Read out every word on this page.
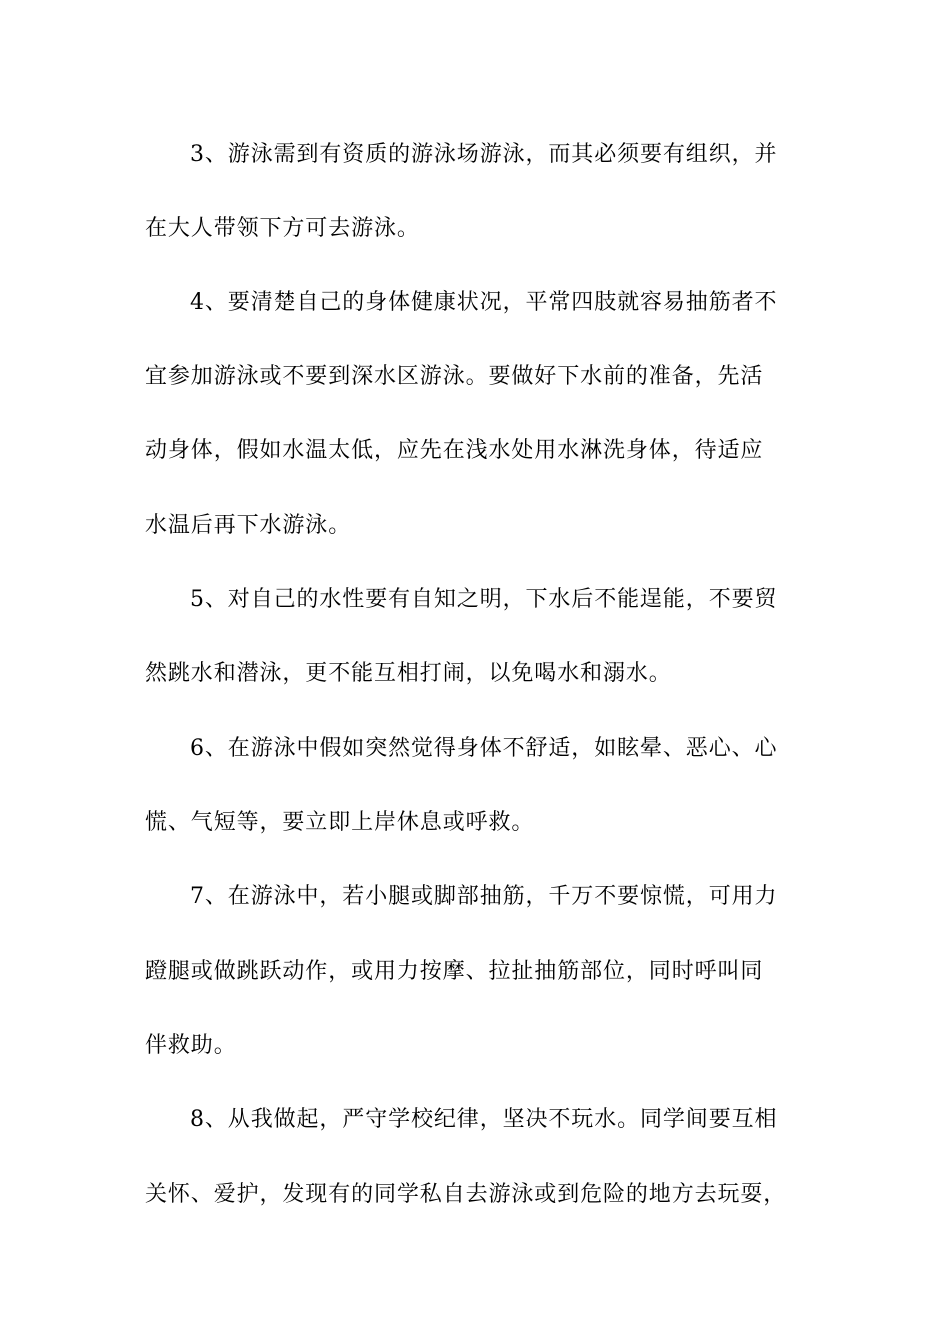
3、游泳需到有资质的游泳场游泳，而其必须要有组织，并
在大人带领下方可去游泳。
4、要清楚自己的身体健康状况，平常四肢就容易抽筋者不
宜参加游泳或不要到深水区游泳。要做好下水前的准备，先活
动身体，假如水温太低，应先在浅水处用水淋洗身体，待适应
水温后再下水游泳。
5、对自己的水性要有自知之明，下水后不能逞能，不要贸
然跳水和潜泳，更不能互相打闹，以免喝水和溺水。
6、在游泳中假如突然觉得身体不舒适，如眩晕、恶心、心
慌、气短等，要立即上岸休息或呼救。
7、在游泳中，若小腿或脚部抽筋，千万不要惊慌，可用力
蹬腿或做跳跃动作，或用力按摩、拉扯抽筋部位，同时呼叫同
伴救助。
8、从我做起，严守学校纪律，坚决不玩水。同学间要互相
关怀、爱护，发现有的同学私自去游泳或到危险的地方去玩耍，
